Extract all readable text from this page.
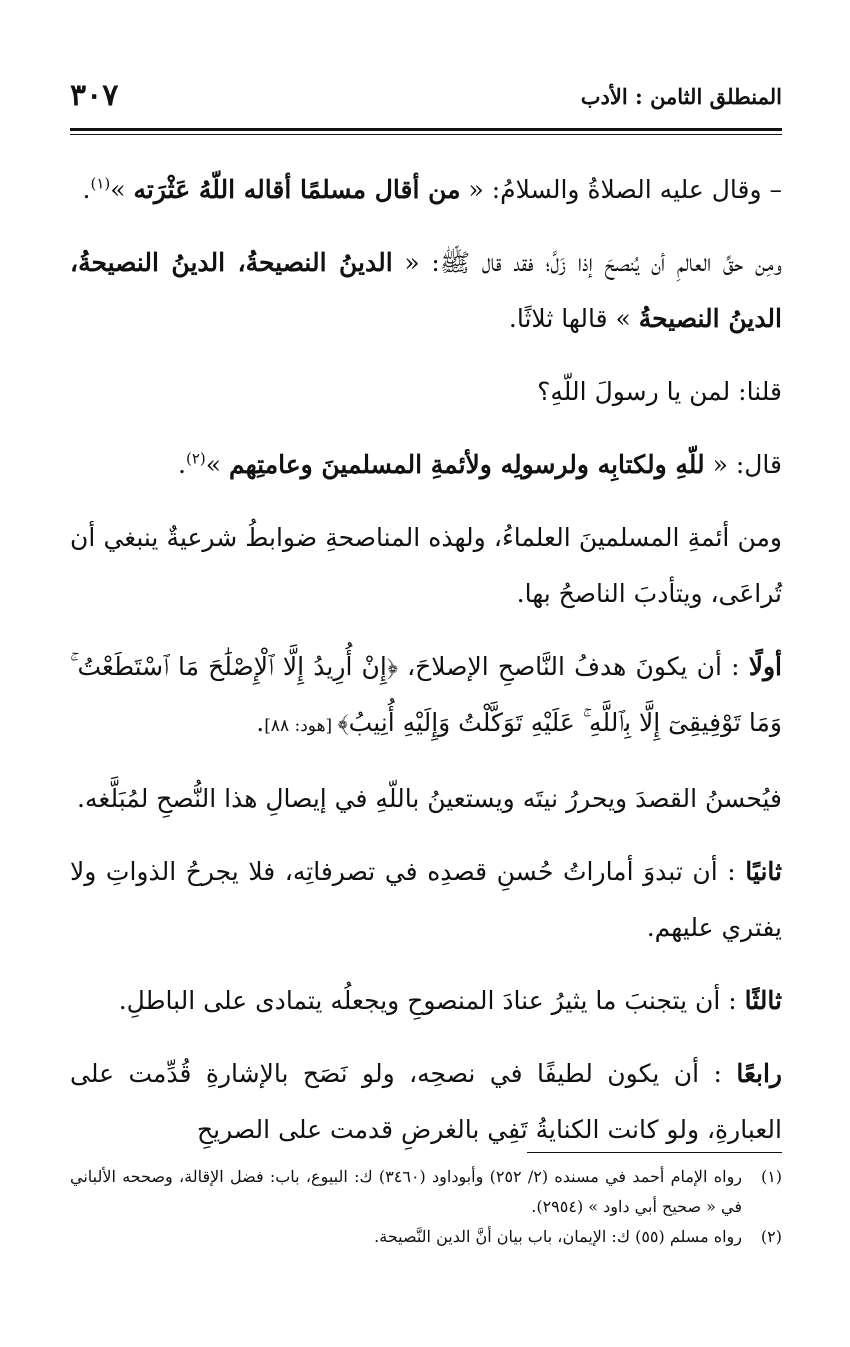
المنطلق الثامن : الأدب
٣٠٧

– وقال عليه الصلاةُ والسلامُ: « من أقال مسلمًا أقاله اللّهُ عَثْرَته »$^{(١)}$.

ومِن حقِّ العالمِ أن يُنصحَ إذا زَلَّ؛ فقد قال ﷺ: « الدينُ النصيحةُ، الدينُ النصيحةُ، الدينُ النصيحةُ » قالها ثلاثًا.

قلنا: لمن يا رسولَ اللّهِ؟

قال: « للّهِ ولكتابِه ولرسولِه ولأئمةِ المسلمينَ وعامتِهم »$^{(٢)}$.

ومن أئمةِ المسلمينَ العلماءُ، ولهذه المناصحةِ ضوابطُ شرعيةٌ ينبغي أن تُراعَى، ويتأدبَ الناصحُ بها.

أولًا : أن يكونَ هدفُ النَّاصحِ الإصلاحَ، ﴿إِنْ أُرِيدُ إِلَّا ٱلْإِصْلَٰحَ مَا ٱسْتَطَعْتُ ۚ وَمَا تَوْفِيقِىٓ إِلَّا بِٱللَّهِ ۚ عَلَيْهِ تَوَكَّلْتُ وَإِلَيْهِ أُنِيبُ﴾ [هود: ٨٨].

فيُحسنُ القصدَ ويحررُ نيتَه ويستعينُ باللّهِ في إيصالِ هذا النُّصحِ لمُبَلَّغه.

ثانيًا : أن تبدوَ أماراتُ حُسنِ قصدِه في تصرفاتِه، فلا يجرحُ الذواتِ ولا يفتري عليهم.

ثالثًا : أن يتجنبَ ما يثيرُ عنادَ المنصوحِ ويجعلُه يتمادى على الباطلِ.

رابعًا : أن يكون لطيفًا في نصحِه، ولو نَصَح بالإشارةِ قُدِّمت على العبارةِ، ولو كانت الكنايةُ تَفِي بالغرضِ قدمت على الصريحِ

(١)رواه الإمام أحمد في مسنده (٢/ ٢٥٢) وأبوداود (٣٤٦٠) ك: البيوع، باب: فضل الإقالة، وصححه الألباني في « صحيح أبي داود » (٢٩٥٤).

(٢)رواه مسلم (٥٥) ك: الإيمان، باب بيان أنَّ الدين النَّصيحة.
